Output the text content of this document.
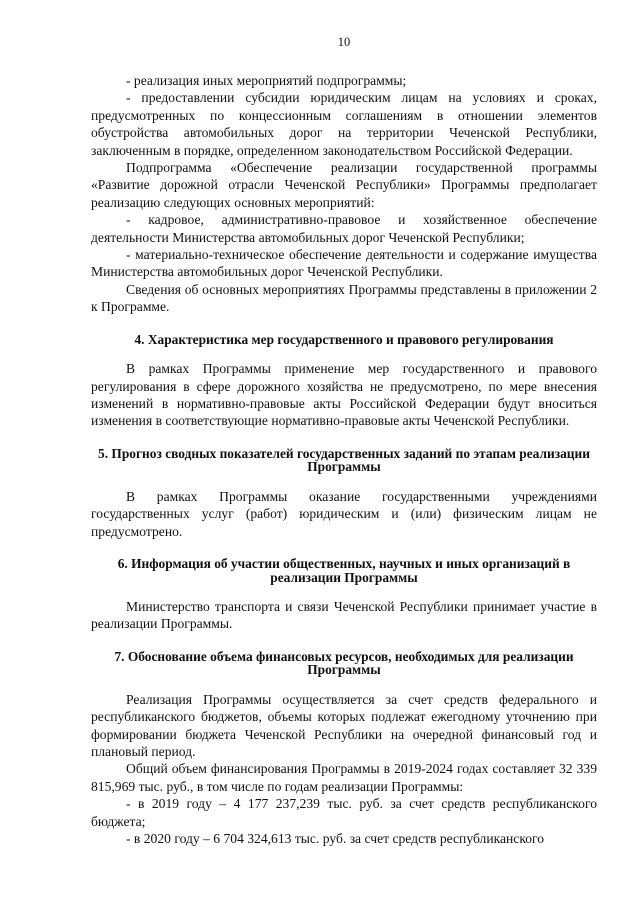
10

- реализация иных мероприятий подпрограммы;

- предоставлении субсидии юридическим лицам на условиях и сроках, предусмотренных по концессионным соглашениям в отношении элементов обустройства автомобильных дорог на территории Чеченской Республики, заключенным в порядке, определенном законодательством Российской Федерации.

Подпрограмма «Обеспечение реализации государственной программы «Развитие дорожной отрасли Чеченской Республики» Программы предполагает реализацию следующих основных мероприятий:

- кадровое, административно-правовое и хозяйственное обеспечение деятельности Министерства автомобильных дорог Чеченской Республики;

- материально-техническое обеспечение деятельности и содержание имущества Министерства автомобильных дорог Чеченской Республики.

Сведения об основных мероприятиях Программы представлены в приложении 2 к Программе.

4. Характеристика мер государственного и правового регулирования

В рамках Программы применение мер государственного и правового регулирования в сфере дорожного хозяйства не предусмотрено, по мере внесения изменений в нормативно-правовые акты Российской Федерации будут вноситься изменения в соответствующие нормативно-правовые акты Чеченской Республики.

5. Прогноз сводных показателей государственных заданий по этапам реализации Программы

В рамках Программы оказание государственными учреждениями государственных услуг (работ) юридическим и (или) физическим лицам не предусмотрено.

6. Информация об участии общественных, научных и иных организаций в реализации Программы

Министерство транспорта и связи Чеченской Республики принимает участие в реализации Программы.

7. Обоснование объема финансовых ресурсов, необходимых для реализации Программы

Реализация Программы осуществляется за счет средств федерального и республиканского бюджетов, объемы которых подлежат ежегодному уточнению при формировании бюджета Чеченской Республики на очередной финансовый год и плановый период.

Общий объем финансирования Программы в 2019-2024 годах составляет 32 339 815,969 тыс. руб., в том числе по годам реализации Программы:

- в 2019 году – 4 177 237,239 тыс. руб. за счет средств республиканского бюджета;

- в 2020 году – 6 704 324,613 тыс. руб. за счет средств республиканского
